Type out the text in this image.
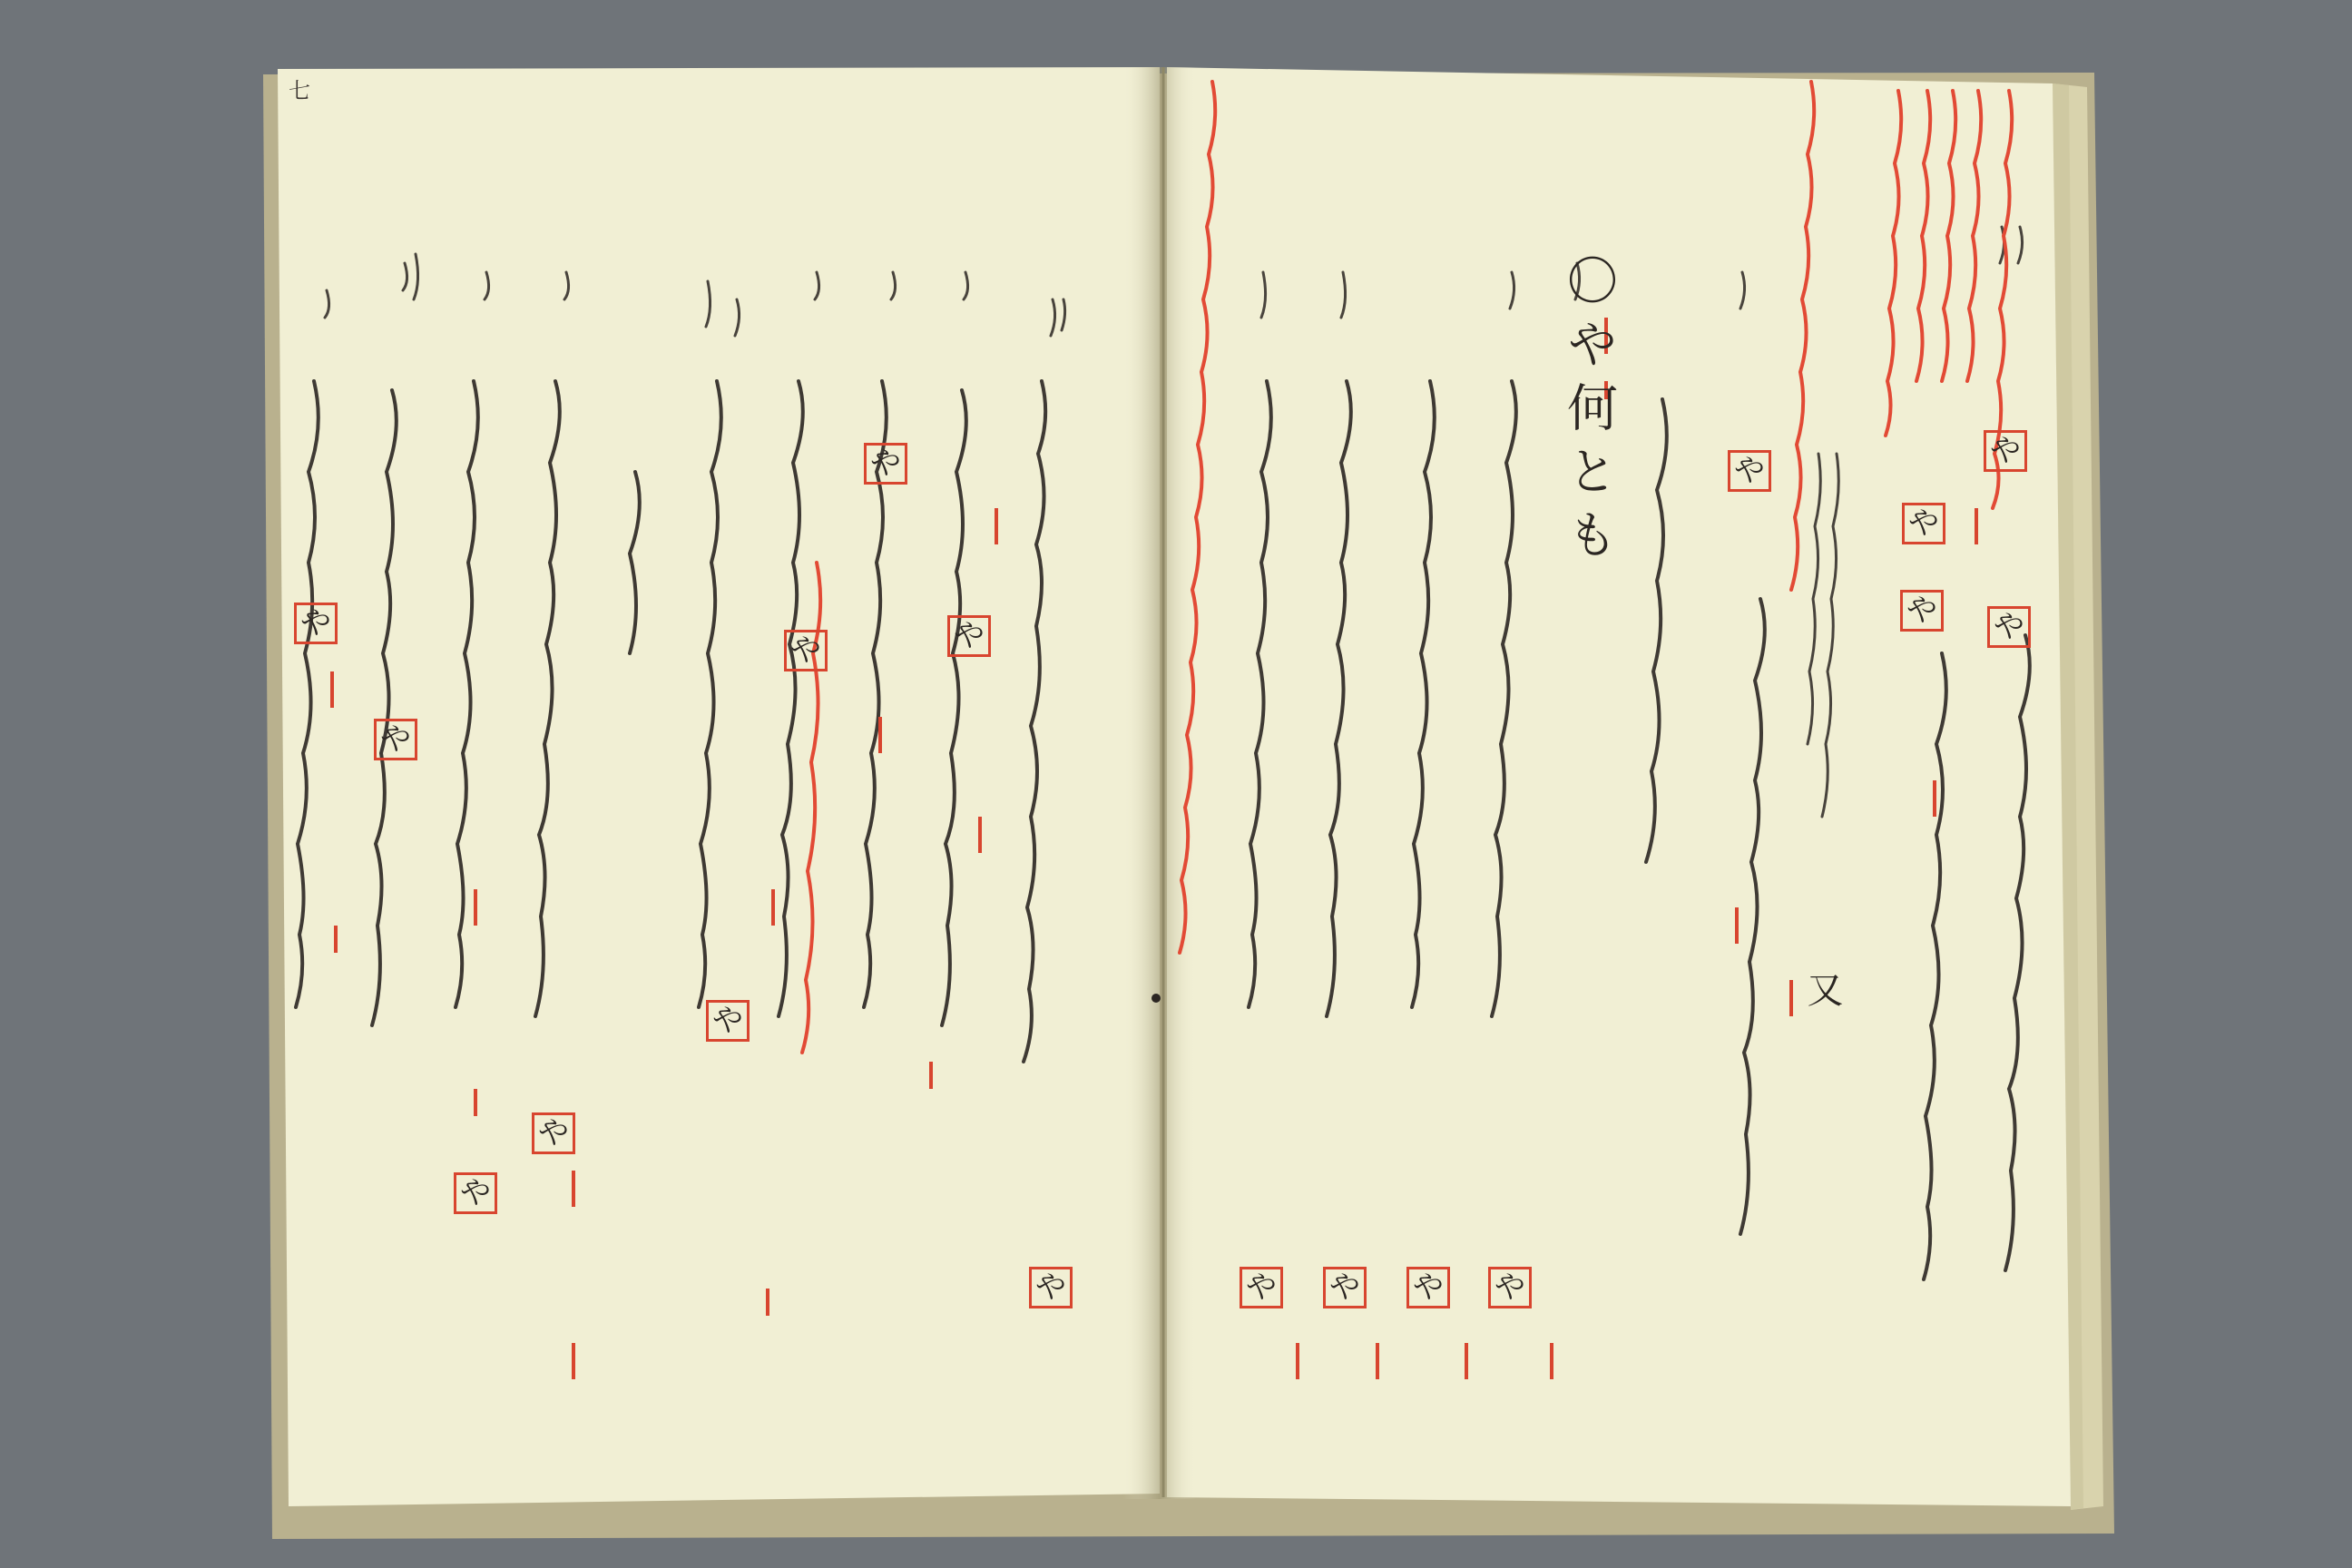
〇や何とも
又
七
や
や
や
や
や
や
や
や
や
や
や
や
や
や
や
や
や
や
